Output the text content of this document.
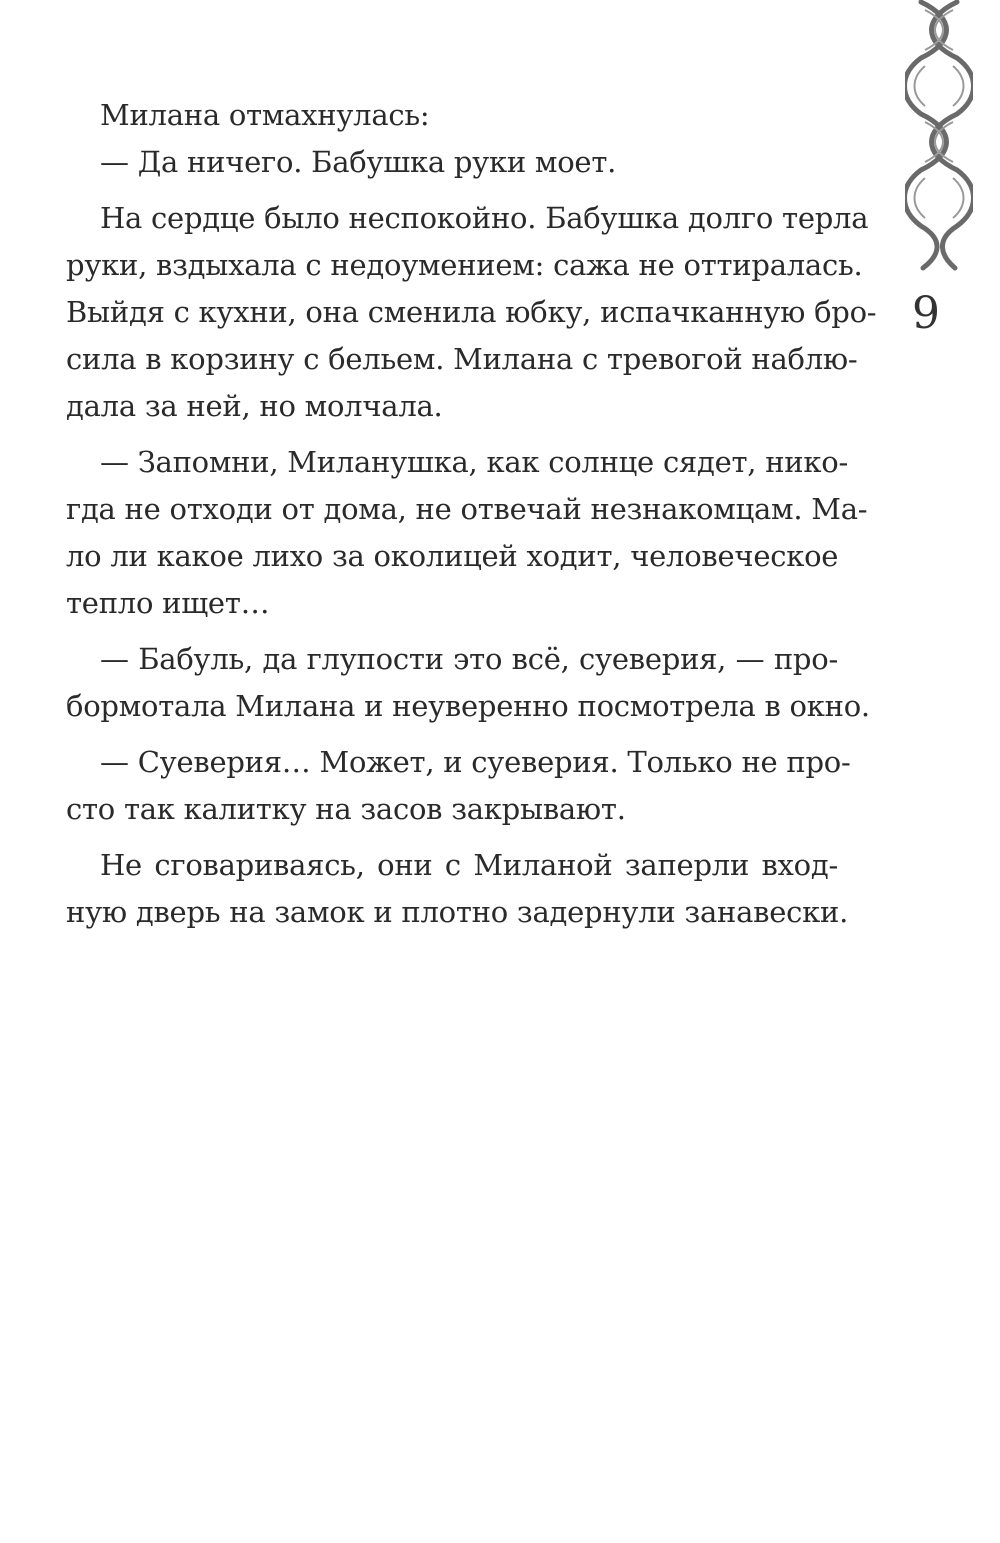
9
Милана отмахнулась:
— Да ничего. Бабушка руки моет.
На сердце было неспокойно. Бабушка долго терла
руки, вздыхала с недоумением: сажа не оттиралась.
Выйдя с кухни, она сменила юбку, испачканную бро-
сила в корзину с бельем. Милана с тревогой наблю-
дала за ней, но молчала.
— Запомни, Миланушка, как солнце сядет, нико-
гда не отходи от дома, не отвечай незнакомцам. Ма-
ло ли какое лихо за околицей ходит, человеческое
тепло ищет…
— Бабуль, да глупости это всё, суеверия, — про-
бормотала Милана и неуверенно посмотрела в окно.
— Суеверия… Может, и суеверия. Только не про-
сто так калитку на засов закрывают.
Не сговариваясь, они с Миланой заперли вход-
ную дверь на замок и плотно задернули занавески.
